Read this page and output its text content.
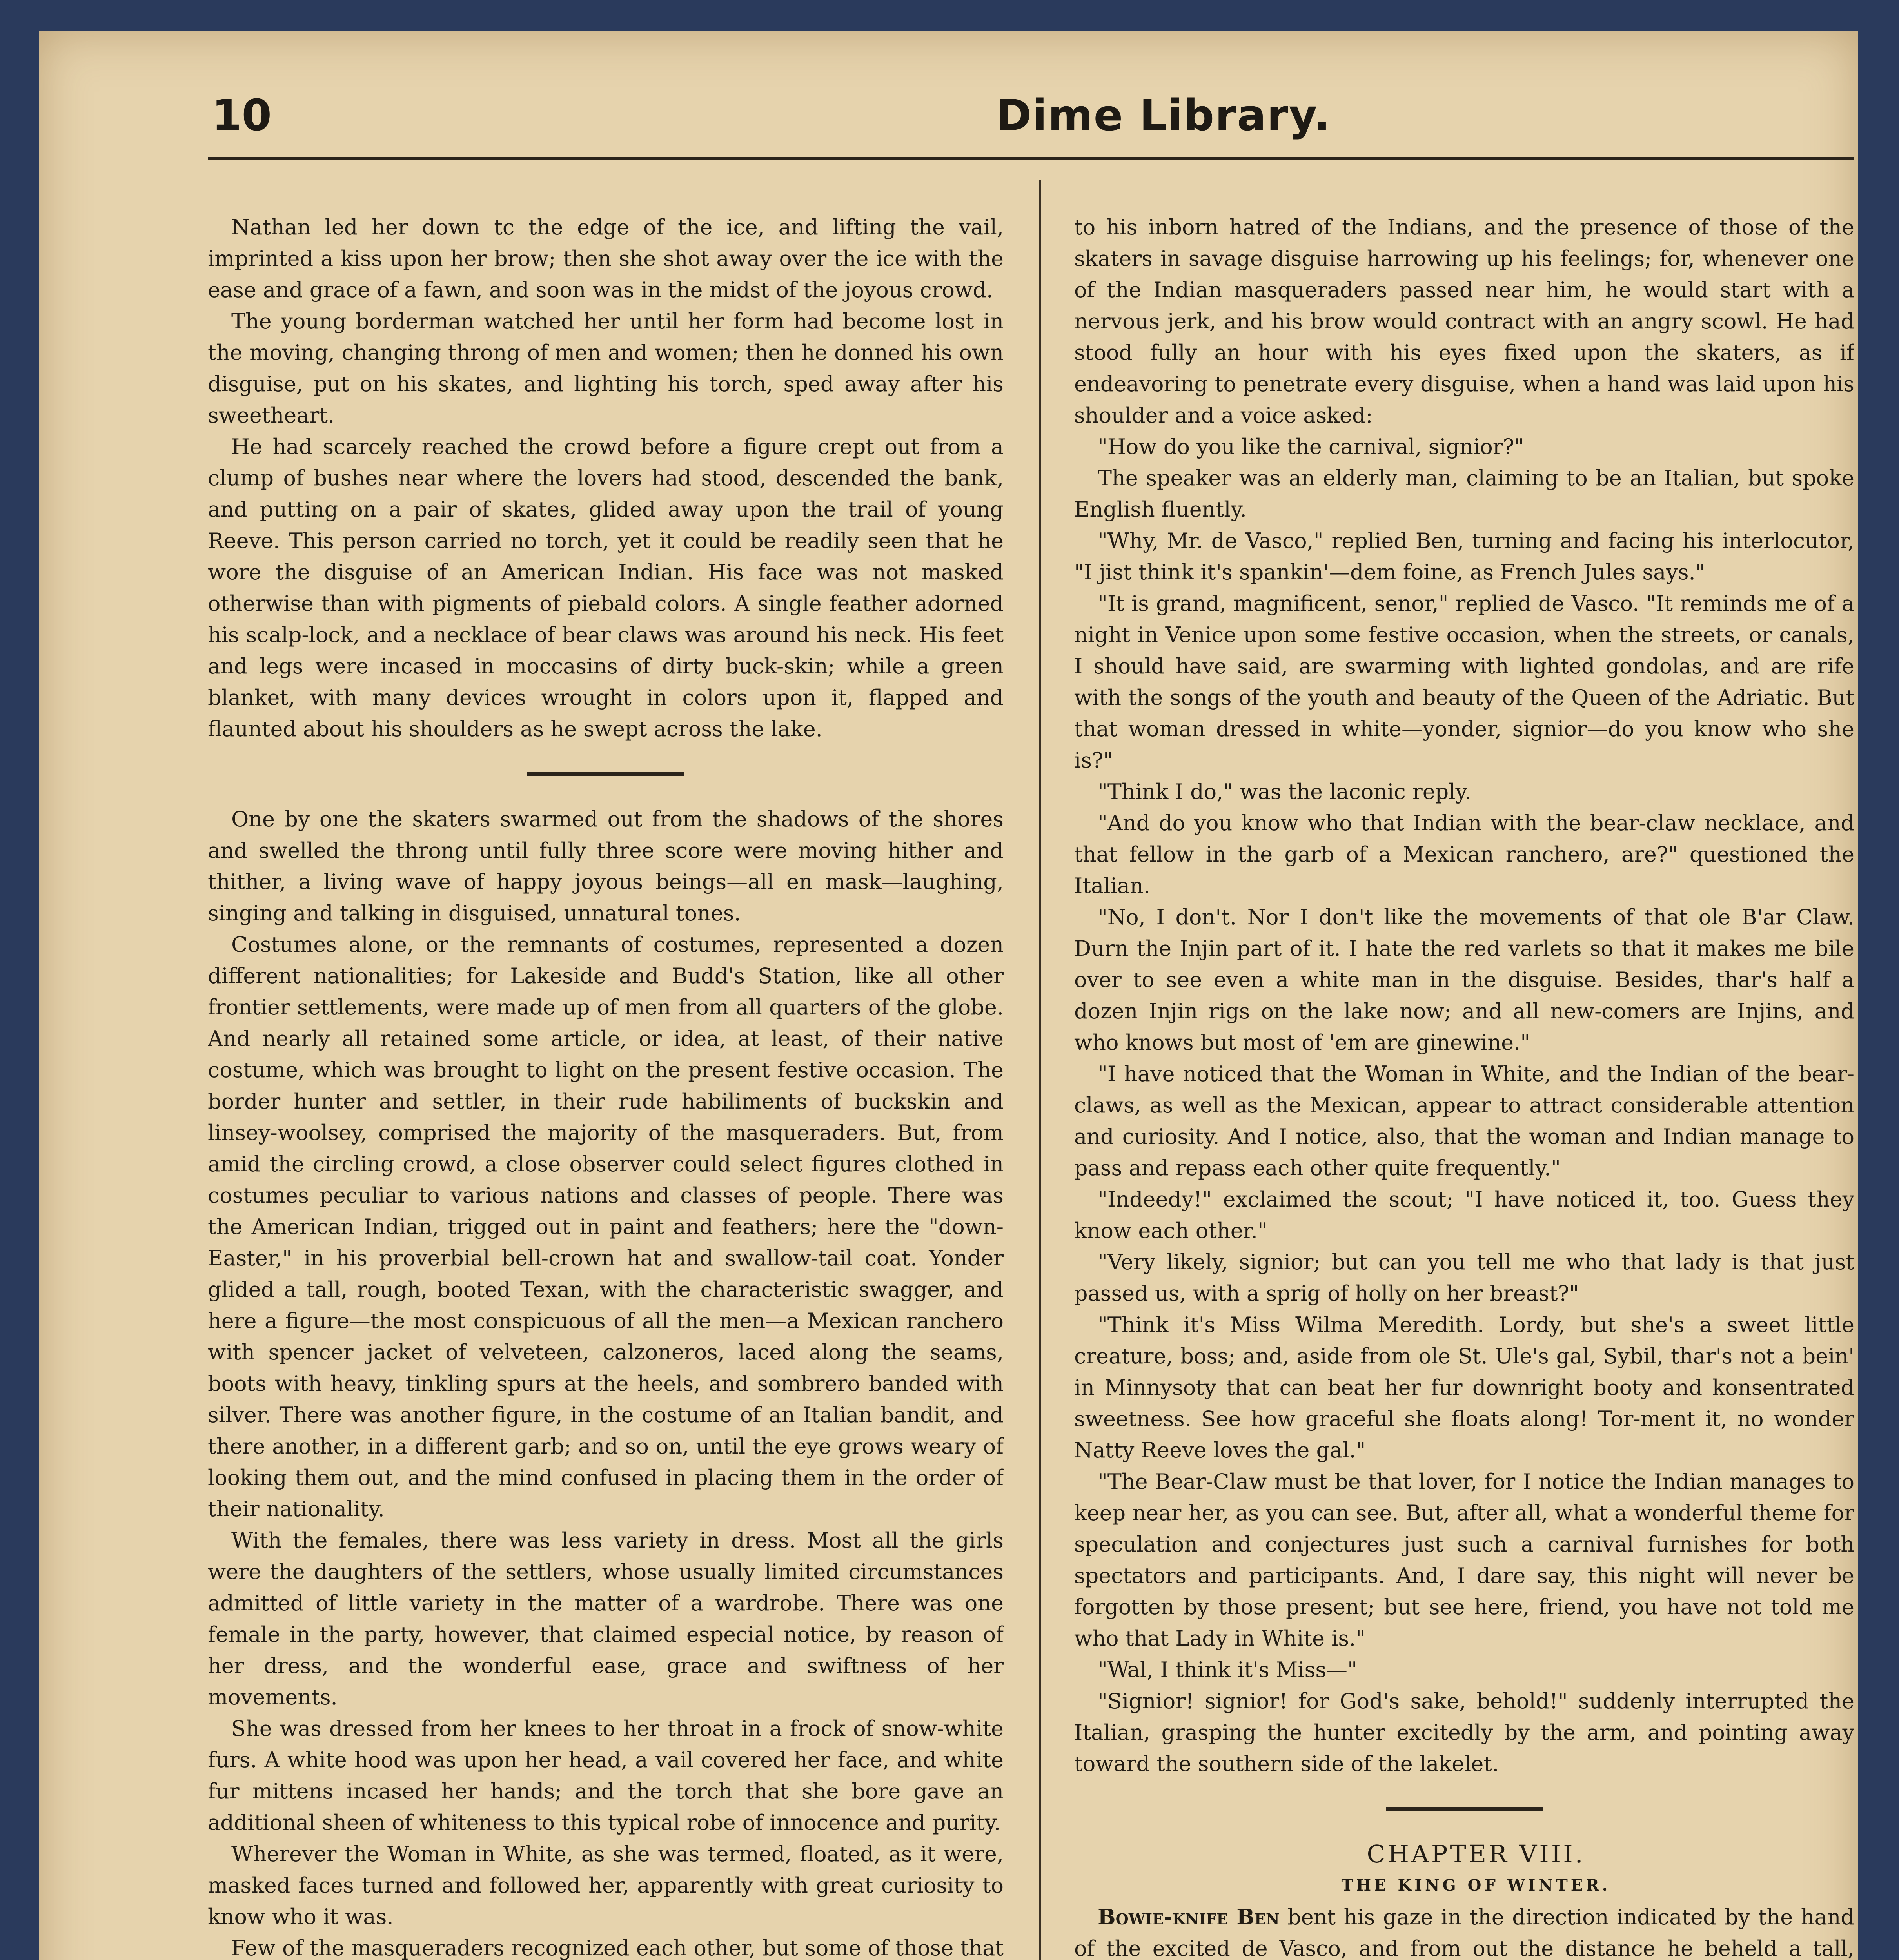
10	Dime Library.

Nathan led her down tc the edge of the ice, and lifting the vail, imprinted a kiss upon her brow; then she shot away over the ice with the ease and grace of a fawn, and soon was in the midst of the joyous crowd.

The young borderman watched her until her form had become lost in the moving, changing throng of men and women; then he donned his own disguise, put on his skates, and lighting his torch, sped away after his sweetheart.

He had scarcely reached the crowd before a figure crept out from a clump of bushes near where the lovers had stood, descended the bank, and putting on a pair of skates, glided away upon the trail of young Reeve. This person carried no torch, yet it could be readily seen that he wore the disguise of an American Indian. His face was not masked otherwise than with pigments of piebald colors. A single feather adorned his scalp-lock, and a necklace of bear claws was around his neck. His feet and legs were incased in moccasins of dirty buck-skin; while a green blanket, with many devices wrought in colors upon it, flapped and flaunted about his shoulders as he swept across the lake.

One by one the skaters swarmed out from the shadows of the shores and swelled the throng until fully three score were moving hither and thither, a living wave of happy joyous beings—all en mask—laughing, singing and talking in disguised, unnatural tones.

Costumes alone, or the remnants of costumes, represented a dozen different nationalities; for Lakeside and Budd's Station, like all other frontier settlements, were made up of men from all quarters of the globe. And nearly all retained some article, or idea, at least, of their native costume, which was brought to light on the present festive occasion. The border hunter and settler, in their rude habiliments of buckskin and linsey-woolsey, comprised the majority of the masqueraders. But, from amid the circling crowd, a close observer could select figures clothed in costumes peculiar to various nations and classes of people. There was the American Indian, trigged out in paint and feathers; here the "down-Easter," in his proverbial bell-crown hat and swallow-tail coat. Yonder glided a tall, rough, booted Texan, with the characteristic swagger, and here a figure—the most conspicuous of all the men—a Mexican ranchero with spencer jacket of velveteen, calzoneros, laced along the seams, boots with heavy, tinkling spurs at the heels, and sombrero banded with silver. There was another figure, in the costume of an Italian bandit, and there another, in a different garb; and so on, until the eye grows weary of looking them out, and the mind confused in placing them in the order of their nationality.

With the females, there was less variety in dress. Most all the girls were the daughters of the settlers, whose usually limited circumstances admitted of little variety in the matter of a wardrobe. There was one female in the party, however, that claimed especial notice, by reason of her dress, and the wonderful ease, grace and swiftness of her movements.

She was dressed from her knees to her throat in a frock of snow-white furs. A white hood was upon her head, a vail covered her face, and white fur mittens incased her hands; and the torch that she bore gave an additional sheen of whiteness to this typical robe of innocence and purity.

Wherever the Woman in White, as she was termed, floated, as it were, masked faces turned and followed her, apparently with great curiosity to know who it was.

Few of the masqueraders recognized each other, but some of those that

to his inborn hatred of the Indians, and the presence of those of the skaters in savage disguise harrowing up his feelings; for, whenever one of the Indian masqueraders passed near him, he would start with a nervous jerk, and his brow would contract with an angry scowl. He had stood fully an hour with his eyes fixed upon the skaters, as if endeavoring to penetrate every disguise, when a hand was laid upon his shoulder and a voice asked:

"How do you like the carnival, signior?"

The speaker was an elderly man, claiming to be an Italian, but spoke English fluently.

"Why, Mr. de Vasco," replied Ben, turning and facing his interlocutor, "I jist think it's spankin'—dem foine, as French Jules says."

"It is grand, magnificent, senor," replied de Vasco. "It reminds me of a night in Venice upon some festive occasion, when the streets, or canals, I should have said, are swarming with lighted gondolas, and are rife with the songs of the youth and beauty of the Queen of the Adriatic. But that woman dressed in white—yonder, signior—do you know who she is?"

"Think I do," was the laconic reply.

"And do you know who that Indian with the bear-claw necklace, and that fellow in the garb of a Mexican ranchero, are?" questioned the Italian.

"No, I don't. Nor I don't like the movements of that ole B'ar Claw. Durn the Injin part of it. I hate the red varlets so that it makes me bile over to see even a white man in the disguise. Besides, thar's half a dozen Injin rigs on the lake now; and all new-comers are Injins, and who knows but most of 'em are ginewine."

"I have noticed that the Woman in White, and the Indian of the bear-claws, as well as the Mexican, appear to attract considerable attention and curiosity. And I notice, also, that the woman and Indian manage to pass and repass each other quite frequently."

"Indeedy!" exclaimed the scout; "I have noticed it, too. Guess they know each other."

"Very likely, signior; but can you tell me who that lady is that just passed us, with a sprig of holly on her breast?"

"Think it's Miss Wilma Meredith. Lordy, but she's a sweet little creature, boss; and, aside from ole St. Ule's gal, Sybil, thar's not a bein' in Minnysoty that can beat her fur downright booty and konsentrated sweetness. See how graceful she floats along! Tor-ment it, no wonder Natty Reeve loves the gal."

"The Bear-Claw must be that lover, for I notice the Indian manages to keep near her, as you can see. But, after all, what a wonderful theme for speculation and conjectures just such a carnival furnishes for both spectators and participants. And, I dare say, this night will never be forgotten by those present; but see here, friend, you have not told me who that Lady in White is."

"Wal, I think it's Miss—"

"Signior! signior! for God's sake, behold!" suddenly interrupted the Italian, grasping the hunter excitedly by the arm, and pointing away toward the southern side of the lakelet.

CHAPTER VIII.

THE KING OF WINTER.

Bowie-knife Ben bent his gaze in the direction indicated by the hand of the excited de Vasco, and from out the distance he beheld a tall,
